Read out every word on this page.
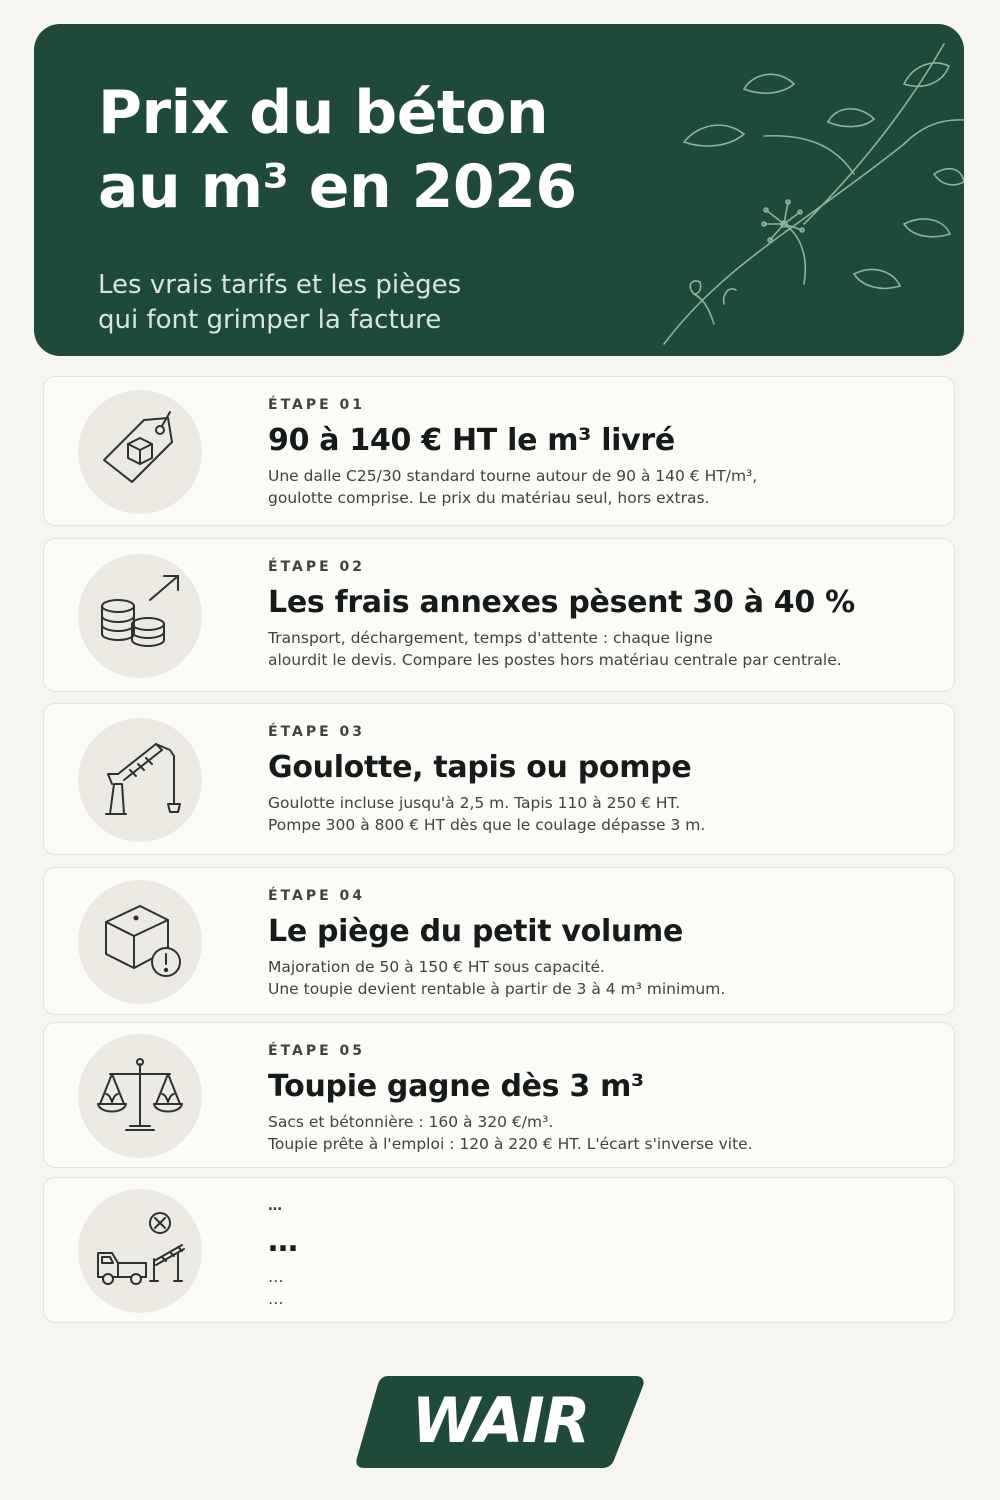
Prix du béton
au m³ en 2026

Les vrais tarifs et les pièges
qui font grimper la facture

ÉTAPE 01
90 à 140 € HT le m³ livré
Une dalle C25/30 standard tourne autour de 90 à 140 € HT/m³,
goulotte comprise. Le prix du matériau seul, hors extras.
ÉTAPE 02
Les frais annexes pèsent 30 à 40 %
Transport, déchargement, temps d'attente : chaque ligne
alourdit le devis. Compare les postes hors matériau centrale par centrale.
ÉTAPE 03
Goulotte, tapis ou pompe
Goulotte incluse jusqu'à 2,5 m. Tapis 110 à 250 € HT.
Pompe 300 à 800 € HT dès que le coulage dépasse 3 m.
ÉTAPE 04
Le piège du petit volume
Majoration de 50 à 150 € HT sous capacité.
Une toupie devient rentable à partir de 3 à 4 m³ minimum.
ÉTAPE 05
Toupie gagne dès 3 m³
Sacs et bétonnière : 160 à 320 €/m³.
Toupie prête à l'emploi : 120 à 220 € HT. L'écart s'inverse vite.
…
…
…
…
WAIR
